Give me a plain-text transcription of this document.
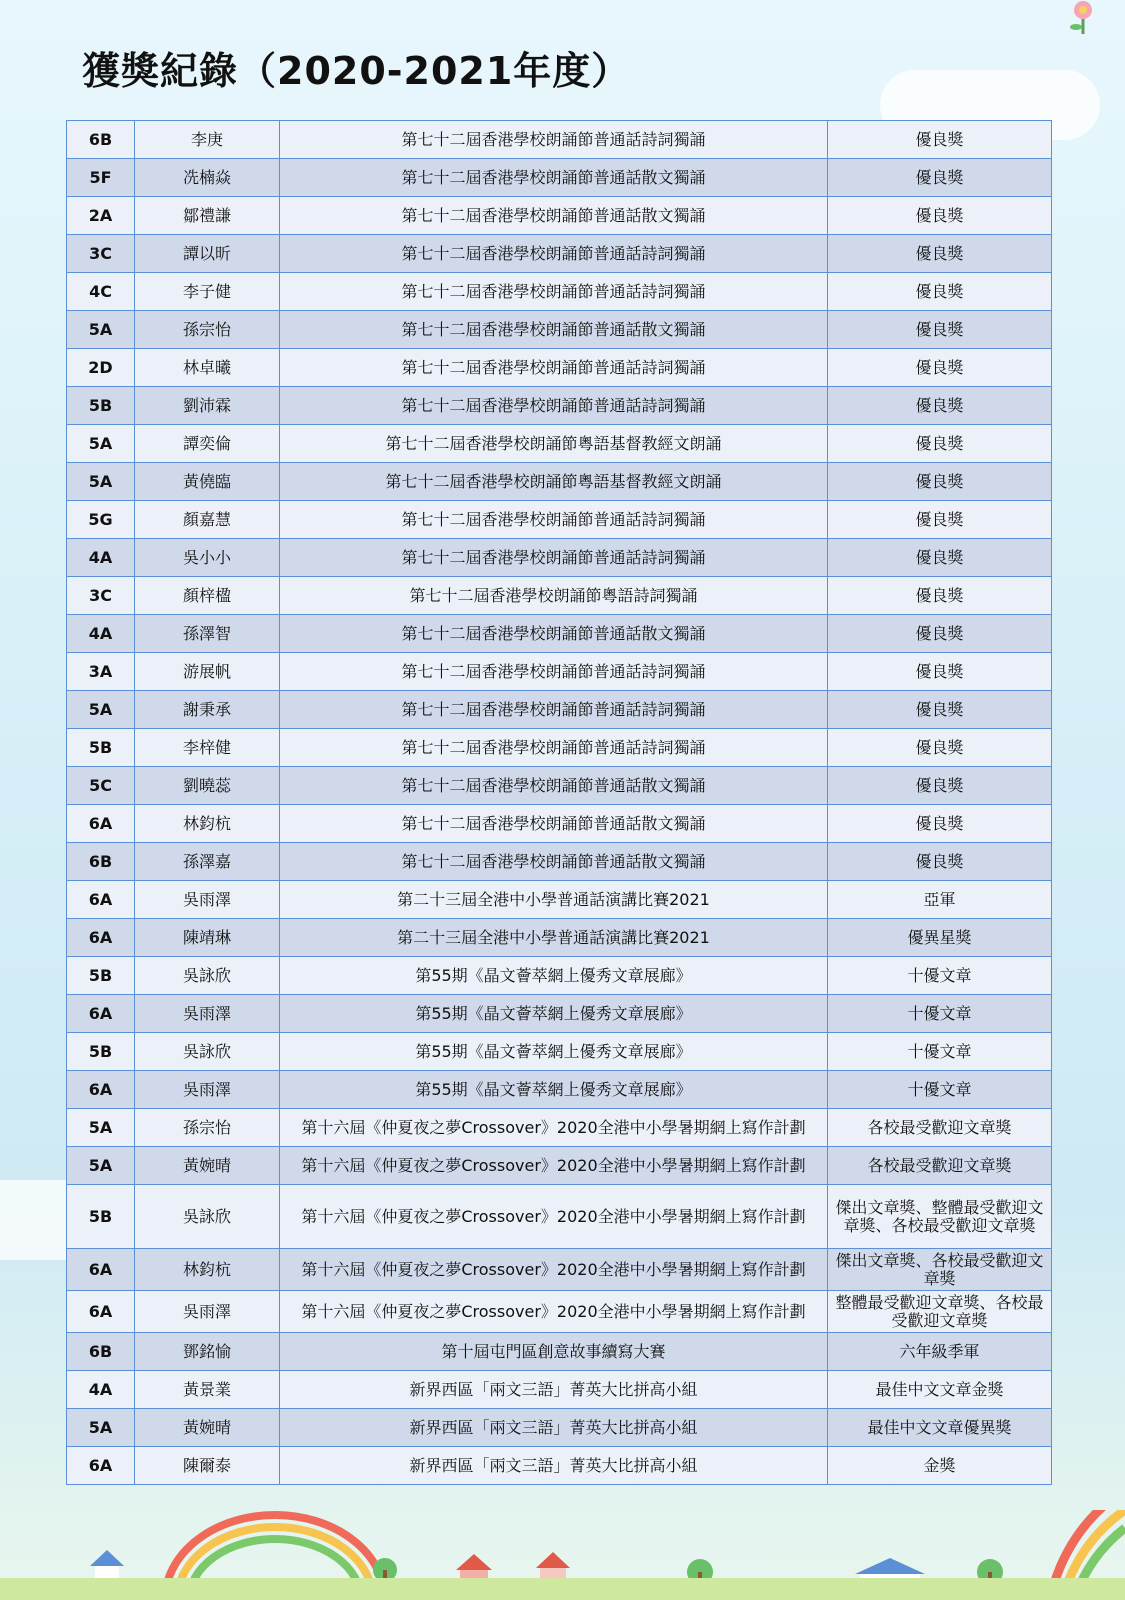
獲獎紀錄（2020-2021年度）
6B	李庚	第七十二屆香港學校朗誦節普通話詩詞獨誦	優良獎
5F	冼楠焱	第七十二屆香港學校朗誦節普通話散文獨誦	優良獎
2A	鄒禮謙	第七十二屆香港學校朗誦節普通話散文獨誦	優良獎
3C	譚以昕	第七十二屆香港學校朗誦節普通話詩詞獨誦	優良獎
4C	李子健	第七十二屆香港學校朗誦節普通話詩詞獨誦	優良獎
5A	孫宗怡	第七十二屆香港學校朗誦節普通話散文獨誦	優良獎
2D	林卓曦	第七十二屆香港學校朗誦節普通話詩詞獨誦	優良獎
5B	劉沛霖	第七十二屆香港學校朗誦節普通話詩詞獨誦	優良獎
5A	譚奕倫	第七十二屆香港學校朗誦節粵語基督教經文朗誦	優良獎
5A	黃僥臨	第七十二屆香港學校朗誦節粵語基督教經文朗誦	優良獎
5G	顏嘉慧	第七十二屆香港學校朗誦節普通話詩詞獨誦	優良獎
4A	吳小小	第七十二屆香港學校朗誦節普通話詩詞獨誦	優良獎
3C	顏梓楹	第七十二屆香港學校朗誦節粵語詩詞獨誦	優良獎
4A	孫澤智	第七十二屆香港學校朗誦節普通話散文獨誦	優良獎
3A	游展帆	第七十二屆香港學校朗誦節普通話詩詞獨誦	優良獎
5A	謝秉承	第七十二屆香港學校朗誦節普通話詩詞獨誦	優良獎
5B	李梓健	第七十二屆香港學校朗誦節普通話詩詞獨誦	優良獎
5C	劉曉蕊	第七十二屆香港學校朗誦節普通話散文獨誦	優良獎
6A	林鈞杭	第七十二屆香港學校朗誦節普通話散文獨誦	優良獎
6B	孫澤嘉	第七十二屆香港學校朗誦節普通話散文獨誦	優良獎
6A	吳雨澤	第二十三屆全港中小學普通話演講比賽2021	亞軍
6A	陳靖琳	第二十三屆全港中小學普通話演講比賽2021	優異星獎
5B	吳詠欣	第55期《晶文薈萃網上優秀文章展廊》	十優文章
6A	吳雨澤	第55期《晶文薈萃網上優秀文章展廊》	十優文章
5B	吳詠欣	第55期《晶文薈萃網上優秀文章展廊》	十優文章
6A	吳雨澤	第55期《晶文薈萃網上優秀文章展廊》	十優文章
5A	孫宗怡	第十六屆《仲夏夜之夢Crossover》2020全港中小學暑期網上寫作計劃	各校最受歡迎文章獎
5A	黃婉晴	第十六屆《仲夏夜之夢Crossover》2020全港中小學暑期網上寫作計劃	各校最受歡迎文章獎
5B	吳詠欣	第十六屆《仲夏夜之夢Crossover》2020全港中小學暑期網上寫作計劃	傑出文章獎、整體最受歡迎文章獎、各校最受歡迎文章獎
6A	林鈞杭	第十六屆《仲夏夜之夢Crossover》2020全港中小學暑期網上寫作計劃	傑出文章獎、各校最受歡迎文章獎
6A	吳雨澤	第十六屆《仲夏夜之夢Crossover》2020全港中小學暑期網上寫作計劃	整體最受歡迎文章獎、各校最受歡迎文章獎
6B	鄧銘愉	第十屆屯門區創意故事續寫大賽	六年級季軍
4A	黃景業	新界西區「兩文三語」菁英大比拼高小組	最佳中文文章金獎
5A	黃婉晴	新界西區「兩文三語」菁英大比拼高小組	最佳中文文章優異獎
6A	陳爾泰	新界西區「兩文三語」菁英大比拼高小組	金獎
